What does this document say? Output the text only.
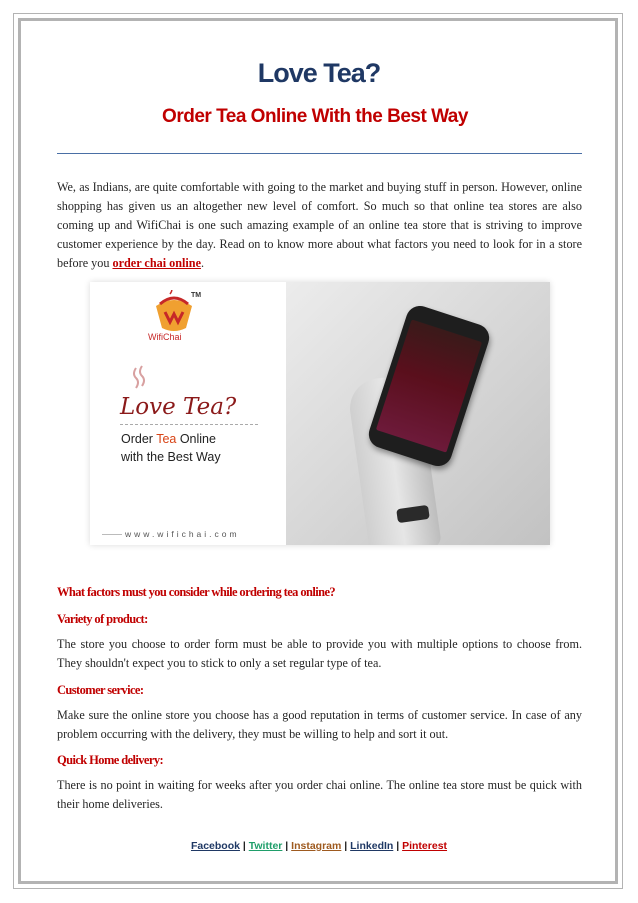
Love Tea?
Order Tea Online With the Best Way

We, as Indians, are quite comfortable with going to the market and buying stuff in person. However, online shopping has given us an altogether new level of comfort. So much so that online tea stores are also coming up and WifiChai is one such amazing example of an online tea store that is striving to improve customer experience by the day. Read on to know more about what factors you need to look for in a store before you order chai online.

TM
WifiChai
Love Tea?
Order Tea Online
with the Best Way
www.wifichai.com
What factors must you consider while ordering tea online?
Variety of product:

The store you choose to order form must be able to provide you with multiple options to choose from. They shouldn't expect you to stick to only a set regular type of tea.

Customer service:

Make sure the online store you choose has a good reputation in terms of customer service. In case of any problem occurring with the delivery, they must be willing to help and sort it out.

Quick Home delivery:

There is no point in waiting for weeks after you order chai online. The online tea store must be quick with their home deliveries.

Facebook | Twitter | Instagram | LinkedIn | Pinterest
